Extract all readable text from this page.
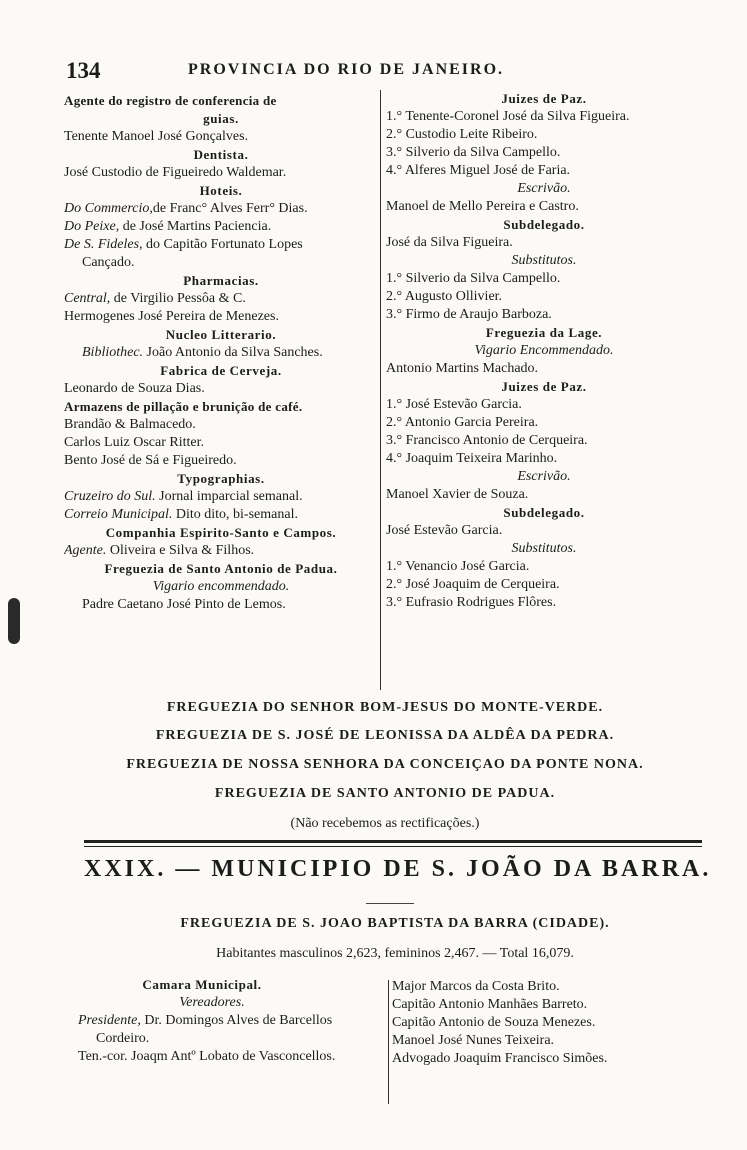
134	PROVINCIA DO RIO DE JANEIRO.
Agente do registro de conferencia de
guias.
Tenente Manoel José Gonçalves.
Dentista.
José Custodio de Figueiredo Waldemar.
Hoteis.
Do Commercio,de Franc° Alves Ferr° Dias.
Do Peixe, de José Martins Paciencia.
De S. Fideles, do Capitão Fortunato Lopes
Cançado.
Pharmacias.
Central, de Virgilio Pessôa & C.
Hermogenes José Pereira de Menezes.
Nucleo Litterario.
Bibliothec. João Antonio da Silva Sanches.
Fabrica de Cerveja.
Leonardo de Souza Dias.
Armazens de pillação e brunição de café.
Brandão & Balmacedo.
Carlos Luiz Oscar Ritter.
Bento José de Sá e Figueiredo.
Typographias.
Cruzeiro do Sul. Jornal imparcial semanal.
Correio Municipal. Dito dito, bi-semanal.
Companhia Espirito-Santo e Campos.
Agente. Oliveira e Silva & Filhos.
Freguezia de Santo Antonio de Padua.
Vigario encommendado.
Padre Caetano José Pinto de Lemos.
Juizes de Paz.
1.° Tenente-Coronel José da Silva Figueira.
2.° Custodio Leite Ribeiro.
3.° Silverio da Silva Campello.
4.° Alferes Miguel José de Faria.
Escrivão.
Manoel de Mello Pereira e Castro.
Subdelegado.
José da Silva Figueira.
Substitutos.
1.° Silverio da Silva Campello.
2.° Augusto Ollivier.
3.° Firmo de Araujo Barboza.
Freguezia da Lage.
Vigario Encommendado.
Antonio Martins Machado.
Juizes de Paz.
1.° José Estevão Garcia.
2.° Antonio Garcia Pereira.
3.° Francisco Antonio de Cerqueira.
4.° Joaquim Teixeira Marinho.
Escrivão.
Manoel Xavier de Souza.
Subdelegado.
José Estevão Garcia.
Substitutos.
1.° Venancio José Garcia.
2.° José Joaquim de Cerqueira.
3.° Eufrasio Rodrigues Flôres.
FREGUEZIA DO SENHOR BOM-JESUS DO MONTE-VERDE.
FREGUEZIA DE S. JOSÉ DE LEONISSA DA ALDÊA DA PEDRA.
FREGUEZIA DE NOSSA SENHORA DA CONCEIÇAO DA PONTE NONA.
FREGUEZIA DE SANTO ANTONIO DE PADUA.
(Não recebemos as rectificações.)
XXIX. — MUNICIPIO DE S. JOÃO DA BARRA.
FREGUEZIA DE S. JOAO BAPTISTA DA BARRA (CIDADE).
Habitantes masculinos 2,623, femininos 2,467. — Total 16,079.
Camara Municipal.
Vereadores.
Presidente, Dr. Domingos Alves de Barcellos
Cordeiro.
Ten.-cor. Joaqm Antº Lobato de Vasconcellos.
Major Marcos da Costa Brito.
Capitão Antonio Manhães Barreto.
Capitão Antonio de Souza Menezes.
Manoel José Nunes Teixeira.
Advogado Joaquim Francisco Simões.
